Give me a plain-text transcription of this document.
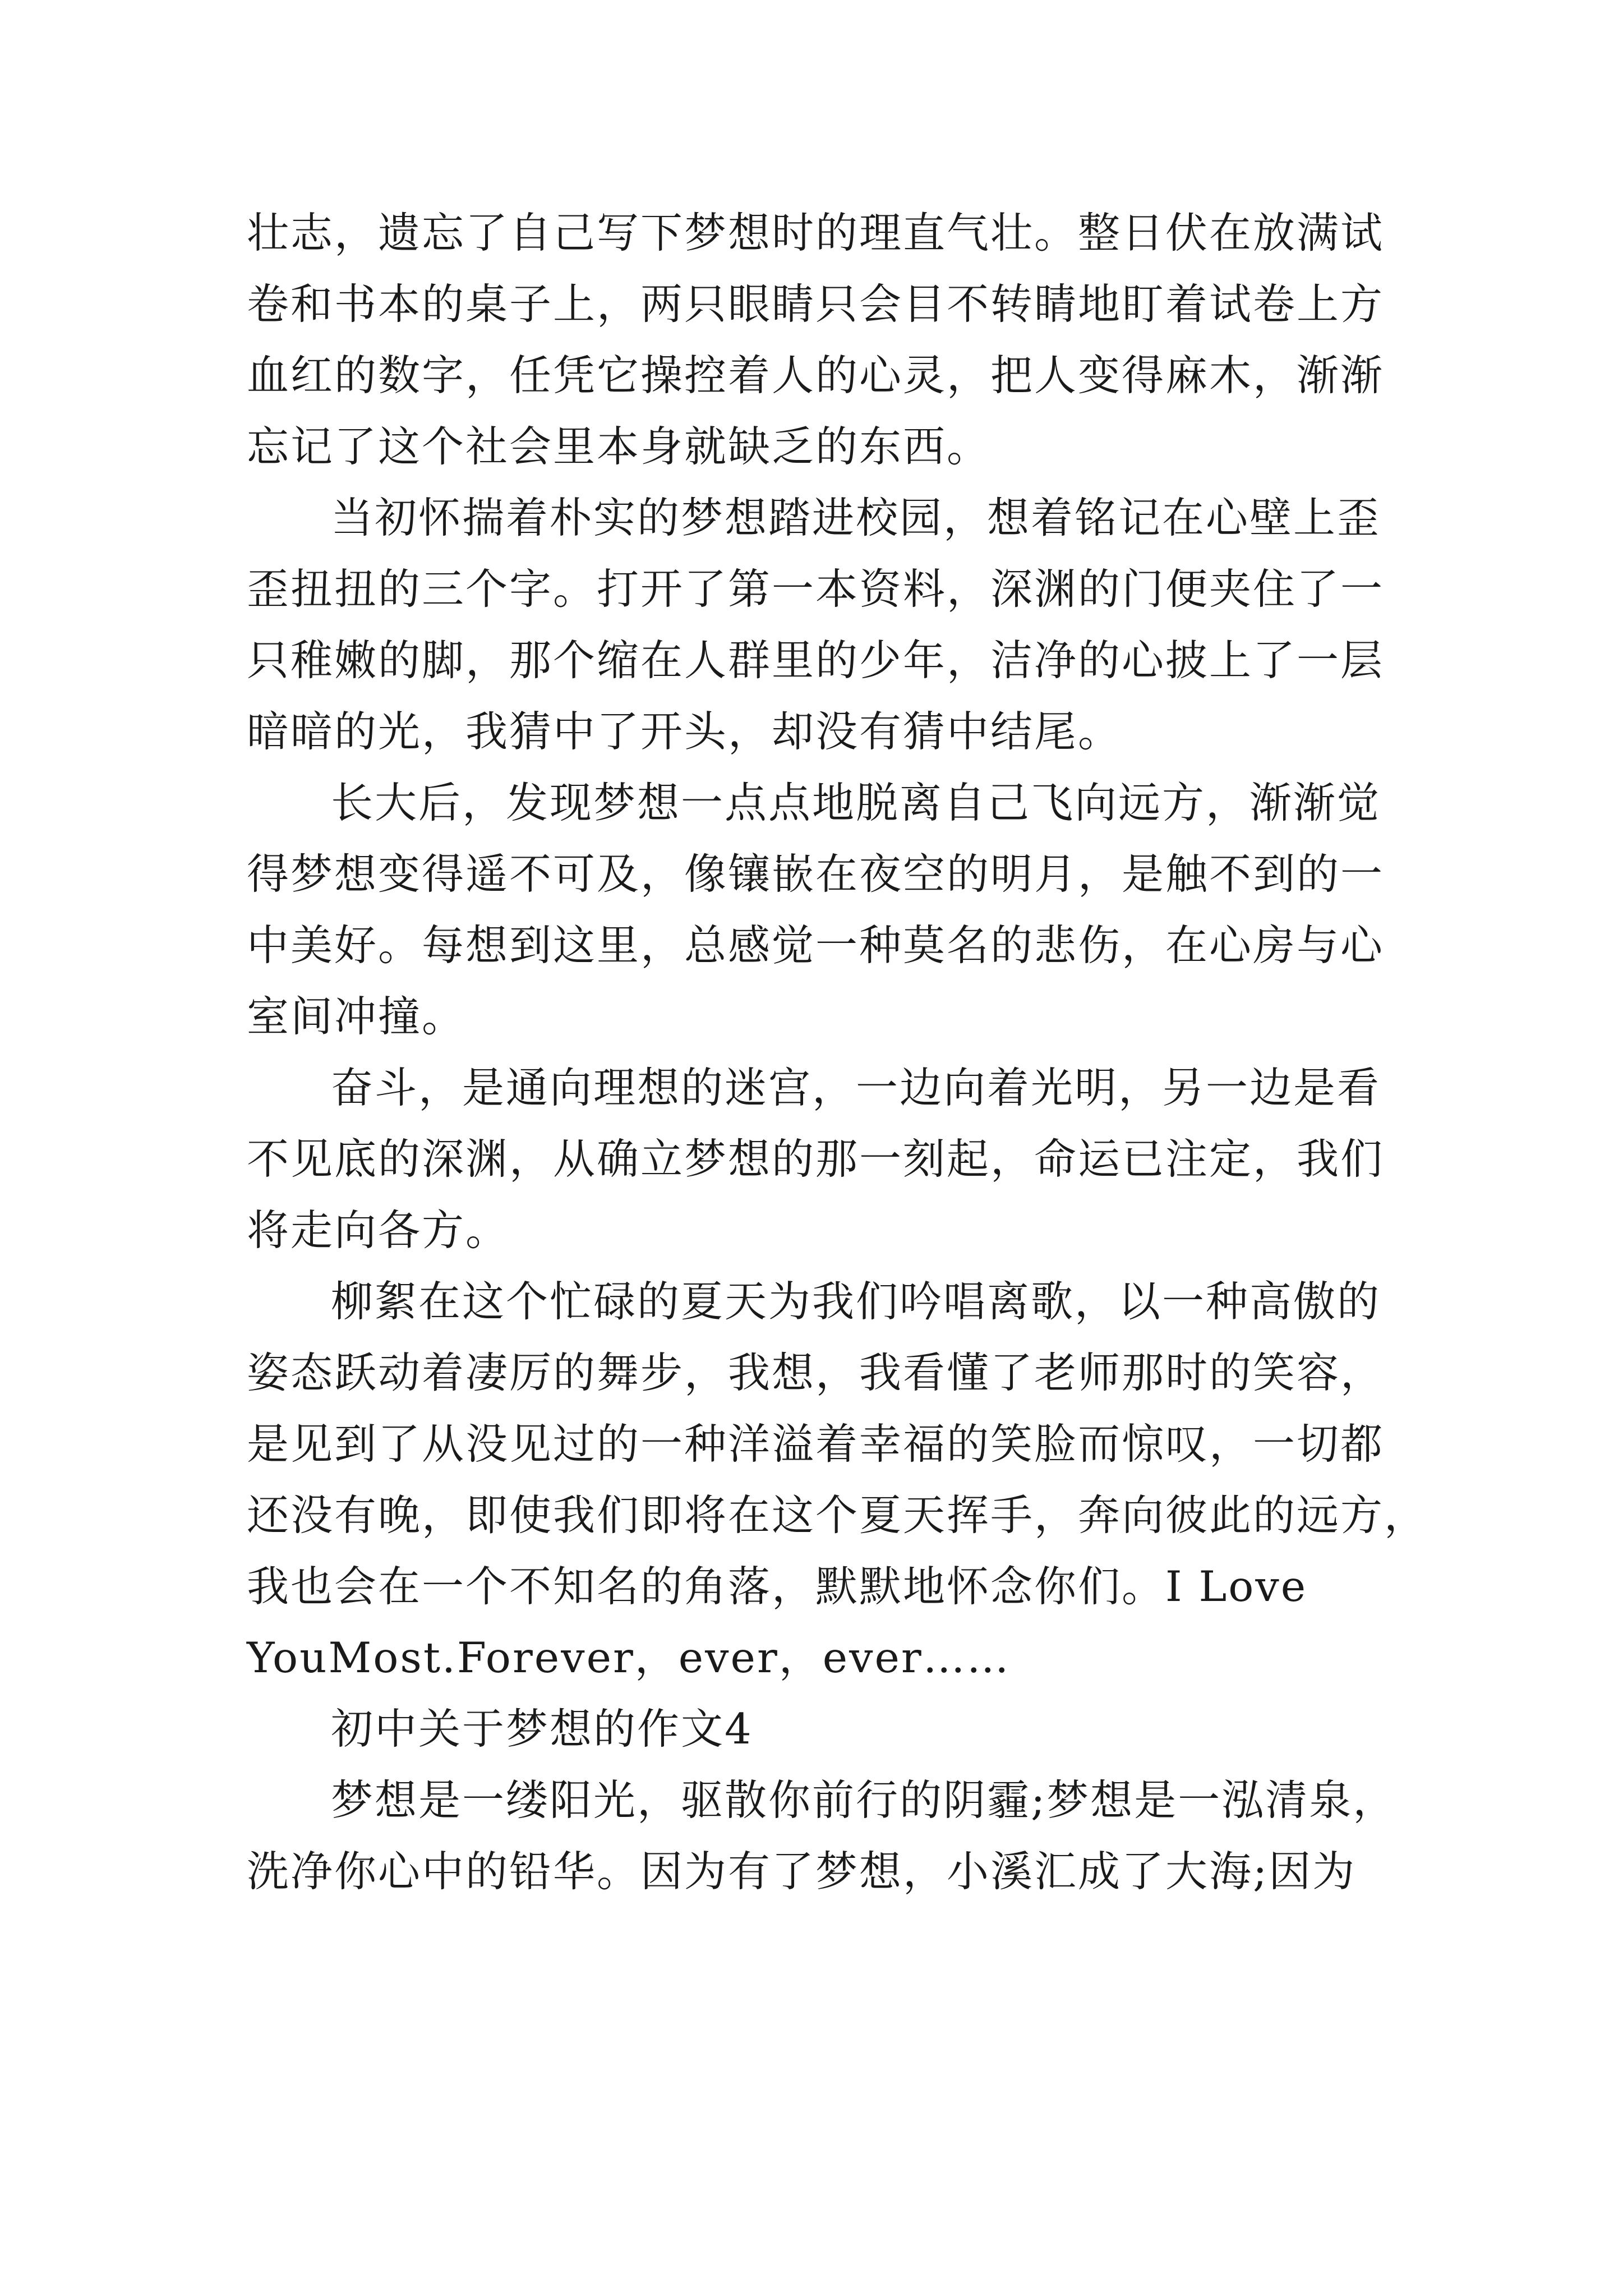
壮志，遗忘了自己写下梦想时的理直气壮。整日伏在放满试
卷和书本的桌子上，两只眼睛只会目不转睛地盯着试卷上方
血红的数字，任凭它操控着人的心灵，把人变得麻木，渐渐
忘记了这个社会里本身就缺乏的东西。
当初怀揣着朴实的梦想踏进校园，想着铭记在心壁上歪
歪扭扭的三个字。打开了第一本资料，深渊的门便夹住了一
只稚嫩的脚，那个缩在人群里的少年，洁净的心披上了一层
暗暗的光，我猜中了开头，却没有猜中结尾。
长大后，发现梦想一点点地脱离自己飞向远方，渐渐觉
得梦想变得遥不可及，像镶嵌在夜空的明月，是触不到的一
中美好。每想到这里，总感觉一种莫名的悲伤，在心房与心
室间冲撞。
奋斗，是通向理想的迷宫，一边向着光明，另一边是看
不见底的深渊，从确立梦想的那一刻起，命运已注定，我们
将走向各方。
柳絮在这个忙碌的夏天为我们吟唱离歌，以一种高傲的
姿态跃动着凄厉的舞步，我想，我看懂了老师那时的笑容，
是见到了从没见过的一种洋溢着幸福的笑脸而惊叹，一切都
还没有晚，即使我们即将在这个夏天挥手，奔向彼此的远方，
我也会在一个不知名的角落，默默地怀念你们。I Love
YouMost.Forever，ever，ever……
初中关于梦想的作文4
梦想是一缕阳光，驱散你前行的阴霾;梦想是一泓清泉，
洗净你心中的铅华。因为有了梦想，小溪汇成了大海;因为
